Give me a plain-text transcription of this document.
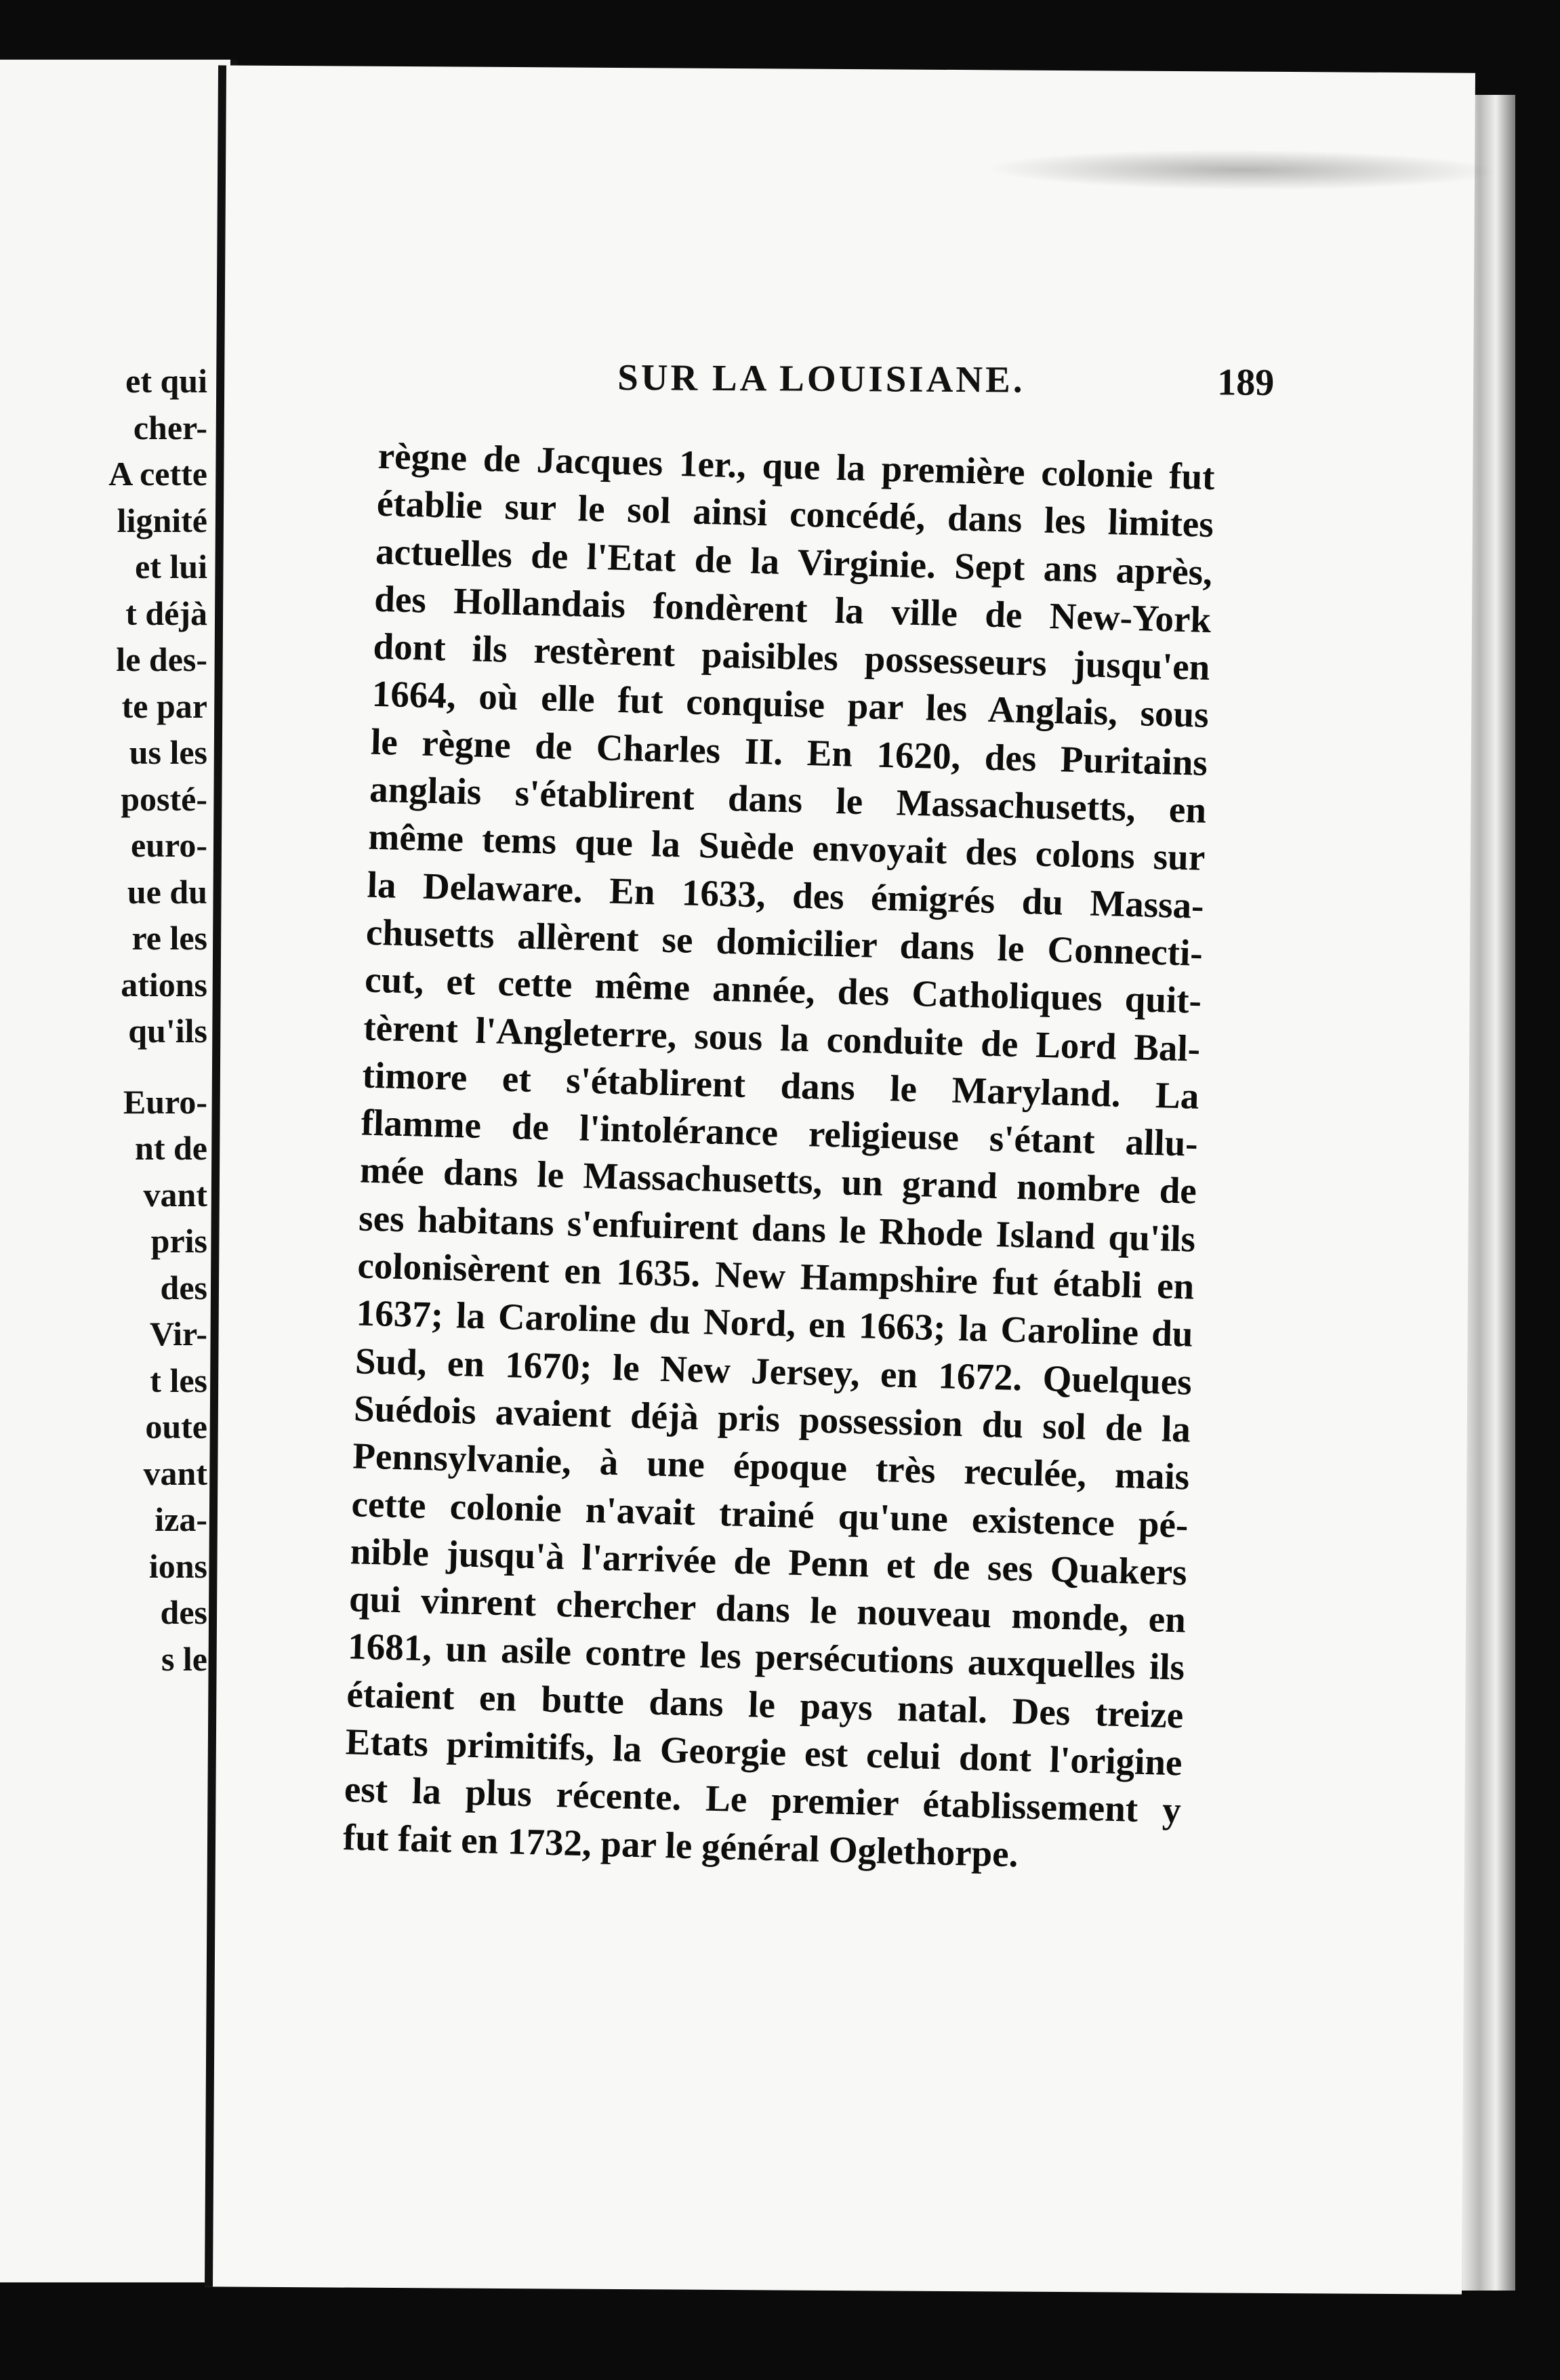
et qui
cher-
A cette
lignité
et lui
t déjà
le des-
te par
us les
posté-
euro-
ue du
re les
ations
qu'ils
Euro-
nt de
vant
pris
des
Vir-
t les
oute
vant
iza-
ions
des
s le
SUR LA LOUISIANE.	189
règne de Jacques 1er., que la première colonie fut
établie sur le sol ainsi concédé, dans les limites
actuelles de l'Etat de la Virginie. Sept ans après,
des Hollandais fondèrent la ville de New-York
dont ils restèrent paisibles possesseurs jusqu'en
1664, où elle fut conquise par les Anglais, sous
le règne de Charles II. En 1620, des Puritains
anglais s'établirent dans le Massachusetts, en
même tems que la Suède envoyait des colons sur
la Delaware. En 1633, des émigrés du Massa-
chusetts allèrent se domicilier dans le Connecti-
cut, et cette même année, des Catholiques quit-
tèrent l'Angleterre, sous la conduite de Lord Bal-
timore et s'établirent dans le Maryland. La
flamme de l'intolérance religieuse s'étant allu-
mée dans le Massachusetts, un grand nombre de
ses habitans s'enfuirent dans le Rhode Island qu'ils
colonisèrent en 1635. New Hampshire fut établi en
1637; la Caroline du Nord, en 1663; la Caroline du
Sud, en 1670; le New Jersey, en 1672. Quelques
Suédois avaient déjà pris possession du sol de la
Pennsylvanie, à une époque très reculée, mais
cette colonie n'avait trainé qu'une existence pé-
nible jusqu'à l'arrivée de Penn et de ses Quakers
qui vinrent chercher dans le nouveau monde, en
1681, un asile contre les persécutions auxquelles ils
étaient en butte dans le pays natal. Des treize
Etats primitifs, la Georgie est celui dont l'origine
est la plus récente. Le premier établissement y
fut fait en 1732, par le général Oglethorpe.
